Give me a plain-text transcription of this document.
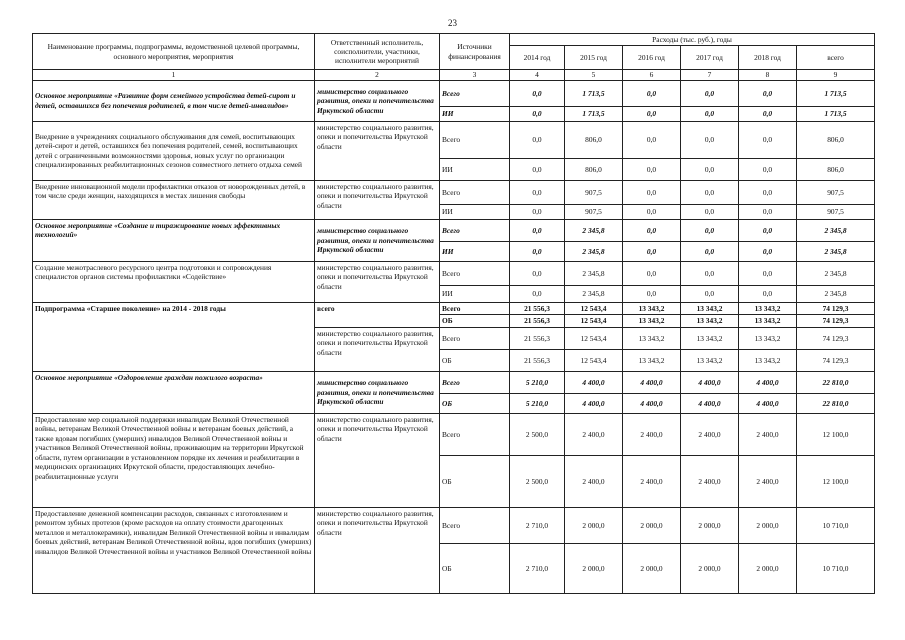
23
Наименование программы, подпрограммы, ведомственной целевой программы, основного мероприятия, мероприятия	Ответственный исполнитель, соисполнители, участники, исполнители мероприятий	Источники финансирования	Расходы (тыс. руб.), годы					
			2014 год	2015 год	2016 год	2017 год	2018 год	всего
1	2	3	4	5	6	7	8	9
Основное мероприятие «Развитие форм семейного устройства детей-сирот и детей, оставшихся без попечения родителей, в том числе детей-инвалидов»	министерство социального развития, опеки и попечительства Иркутской области	Всего	0,0	1 713,5	0,0	0,0	0,0	1 713,5
		ИИ	0,0	1 713,5	0,0	0,0	0,0	1 713,5
Внедрение в учреждениях социального обслуживания для семей, воспитывающих детей-сирот и детей, оставшихся без попечения родителей, семей, воспитывающих детей с ограниченными возможностями здоровья, новых услуг по организации специализированных реабилитационных сезонов совместного летнего отдыха семей	министерство социального развития, опеки и попечительства Иркутской области	Всего	0,0	806,0	0,0	0,0	0,0	806,0
		ИИ	0,0	806,0	0,0	0,0	0,0	806,0
Внедрение инновационной модели профилактики отказов от новорожденных детей, в том числе среди женщин, находящихся в местах лишения свободы	министерство социального развития, опеки и попечительства Иркутской области	Всего	0,0	907,5	0,0	0,0	0,0	907,5
		ИИ	0,0	907,5	0,0	0,0	0,0	907,5
Основное мероприятие «Создание и тиражирование новых эффективных технологий»	министерство социального развития, опеки и попечительства Иркутской области	Всего	0,0	2 345,8	0,0	0,0	0,0	2 345,8
		ИИ	0,0	2 345,8	0,0	0,0	0,0	2 345,8
Создание межотраслевого ресурсного центра подготовки и сопровождения специалистов органов системы профилактики «Содействие»	министерство социального развития, опеки и попечительства Иркутской области	Всего	0,0	2 345,8	0,0	0,0	0,0	2 345,8
		ИИ	0,0	2 345,8	0,0	0,0	0,0	2 345,8
Подпрограмма «Старшее поколение» на 2014 - 2018 годы	всего	Всего	21 556,3	12 543,4	13 343,2	13 343,2	13 343,2	74 129,3
		ОБ	21 556,3	12 543,4	13 343,2	13 343,2	13 343,2	74 129,3
	министерство социального развития, опеки и попечительства Иркутской области	Всего	21 556,3	12 543,4	13 343,2	13 343,2	13 343,2	74 129,3
		ОБ	21 556,3	12 543,4	13 343,2	13 343,2	13 343,2	74 129,3
Основное мероприятие «Оздоровление граждан пожилого возраста»	министерство социального развития, опеки и попечительства Иркутской области	Всего	5 210,0	4 400,0	4 400,0	4 400,0	4 400,0	22 810,0
		ОБ	5 210,0	4 400,0	4 400,0	4 400,0	4 400,0	22 810,0
Предоставление мер социальной поддержки инвалидам Великой Отечественной войны, ветеранам Великой Отечественной войны и ветеранам боевых действий, а также вдовам погибших (умерших) инвалидов Великой Отечественной войны и участников Великой Отечественной войны, проживающим на территории Иркутской области, путем организации в установленном порядке их лечения и реабилитации в медицинских организациях Иркутской области, предоставляющих лечебно-реабилитационные услуги	министерство социального развития, опеки и попечительства Иркутской области	Всего	2 500,0	2 400,0	2 400,0	2 400,0	2 400,0	12 100,0
		ОБ	2 500,0	2 400,0	2 400,0	2 400,0	2 400,0	12 100,0
Предоставление денежной компенсации расходов, связанных с изготовлением и ремонтом зубных протезов (кроме расходов на оплату стоимости драгоценных металлов и металлокерамики), инвалидам Великой Отечественной войны и инвалидам боевых действий, ветеранам Великой Отечественной войны, вдов погибших (умерших) инвалидов Великой Отечественной войны и участников Великой Отечественной войны	министерство социального развития, опеки и попечительства Иркутской области	Всего	2 710,0	2 000,0	2 000,0	2 000,0	2 000,0	10 710,0
		ОБ	2 710,0	2 000,0	2 000,0	2 000,0	2 000,0	10 710,0
